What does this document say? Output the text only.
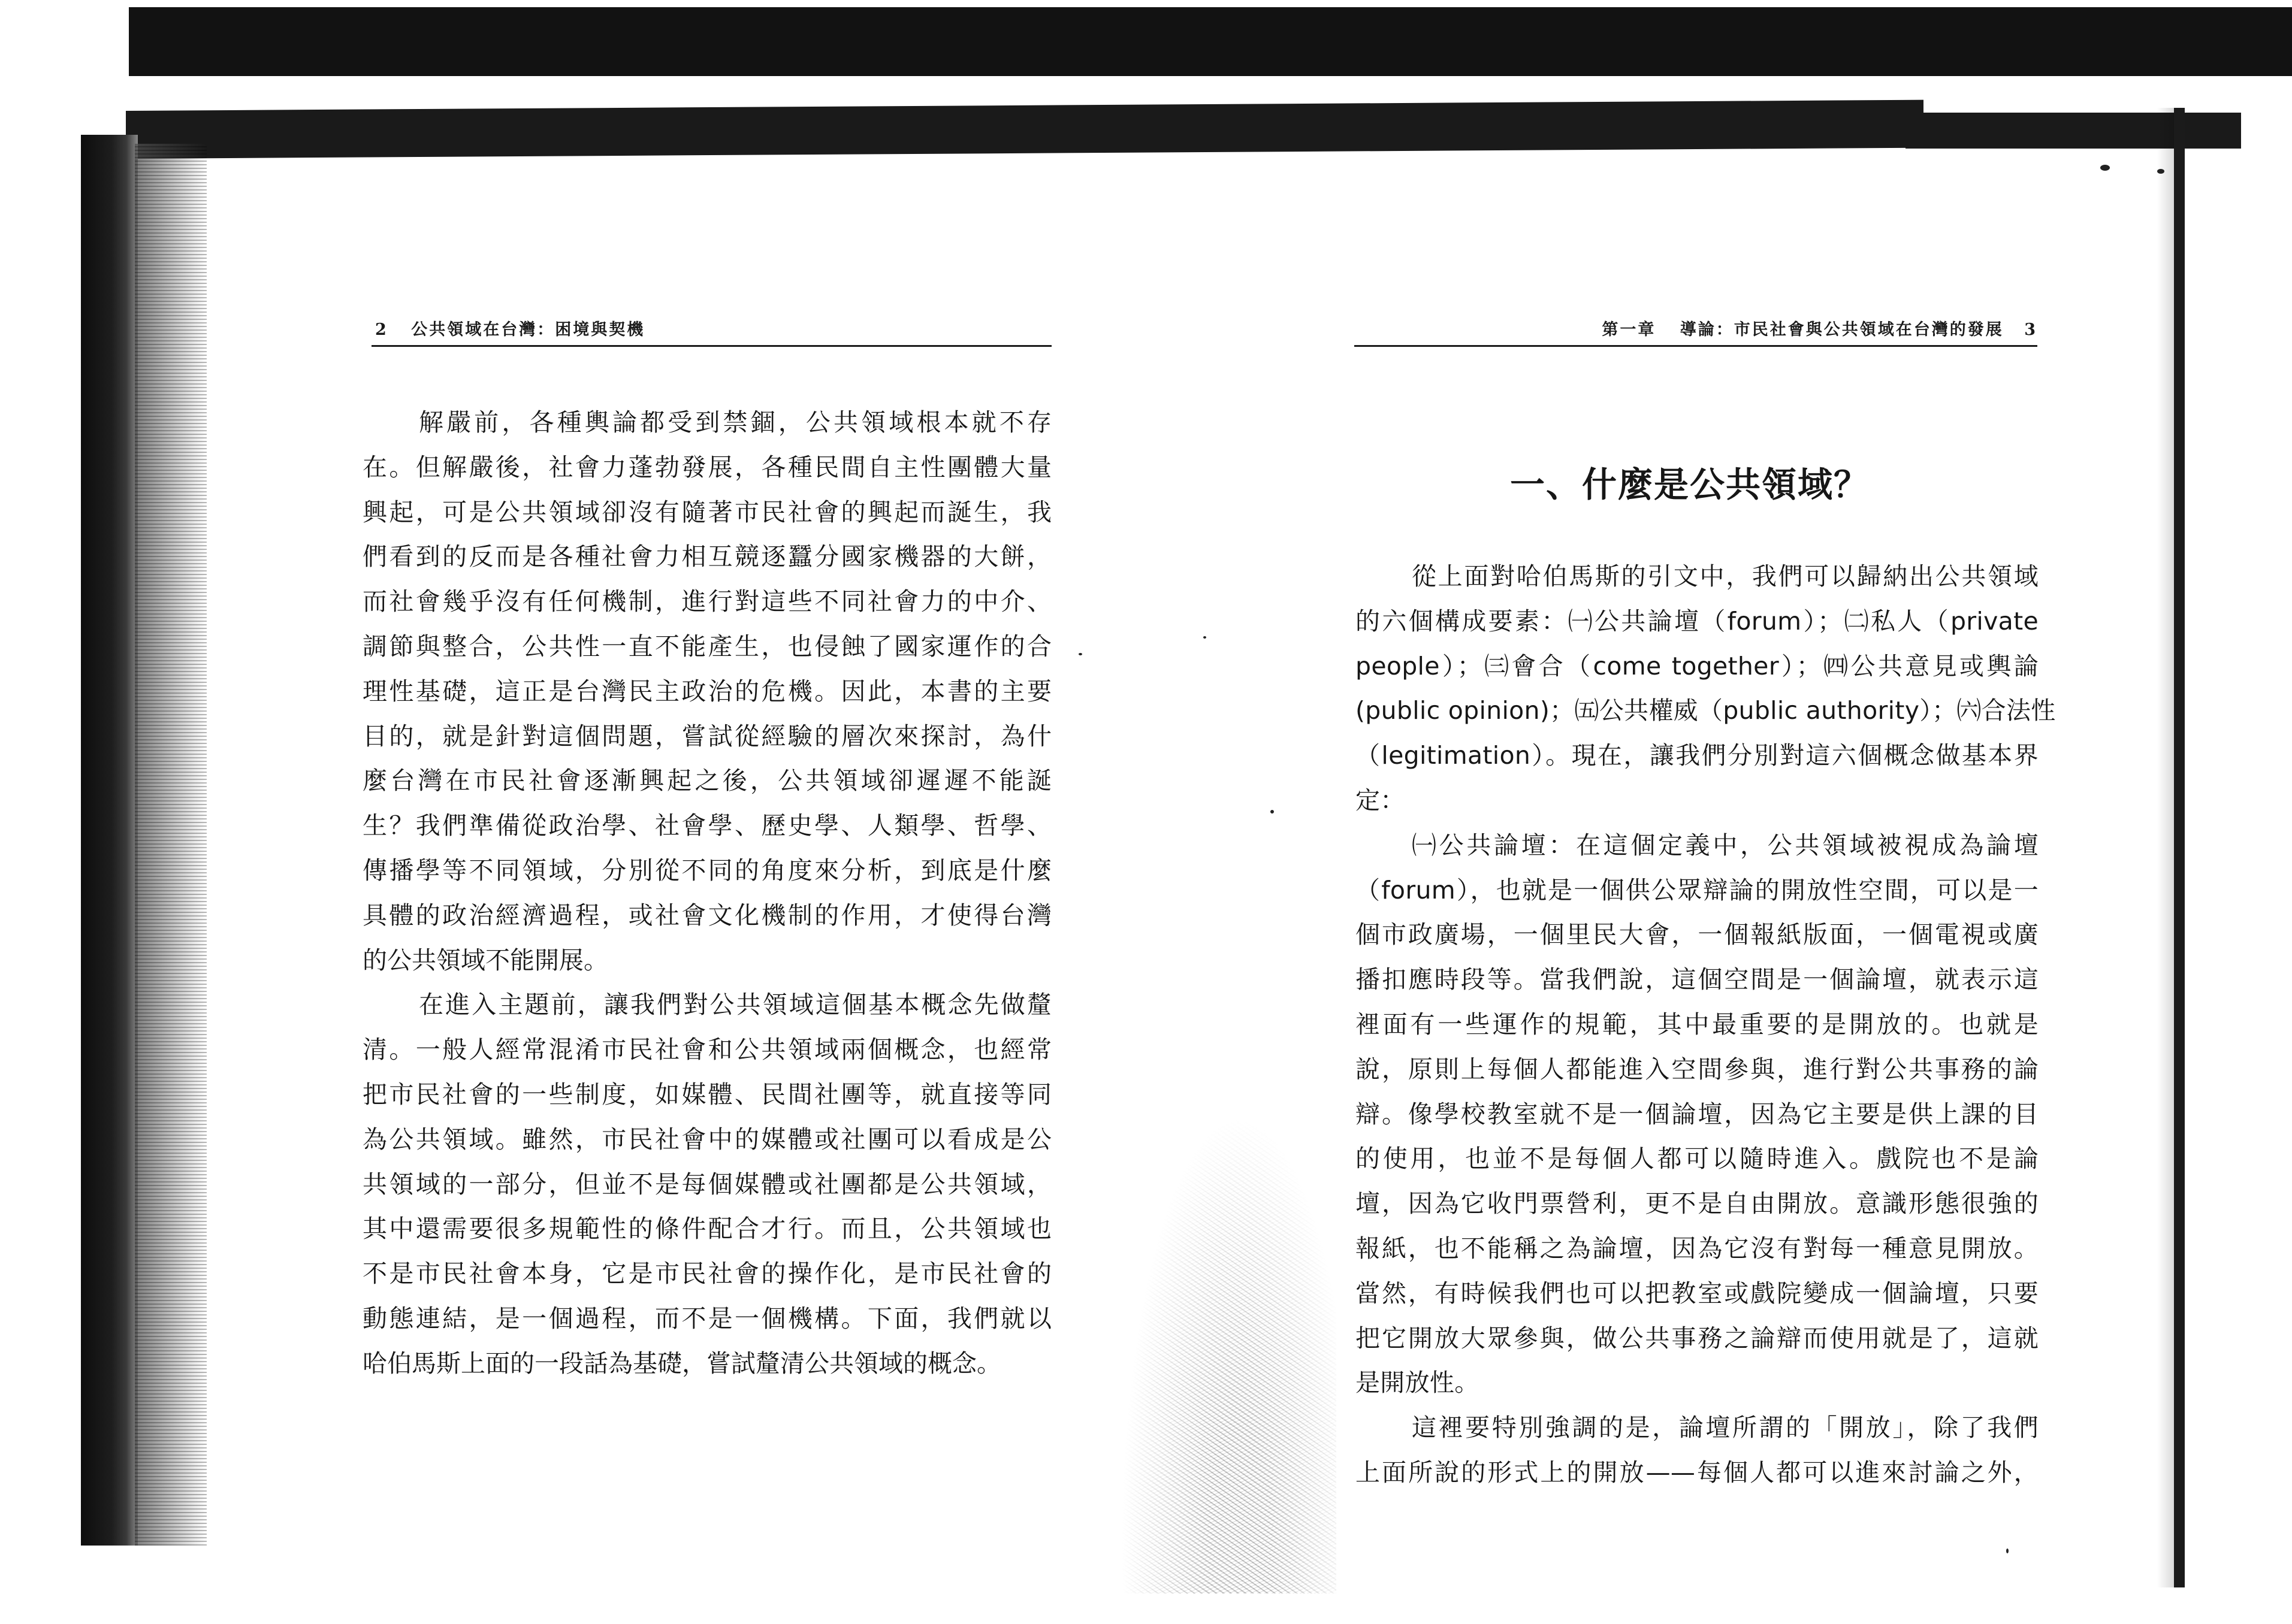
2 公共領域在台灣：困境與契機
解嚴前，各種輿論都受到禁錮，公共領域根本就不存
在。但解嚴後，社會力蓬勃發展，各種民間自主性團體大量
興起，可是公共領域卻沒有隨著市民社會的興起而誕生，我
們看到的反而是各種社會力相互競逐蠶分國家機器的大餅，
而社會幾乎沒有任何機制，進行對這些不同社會力的中介、
調節與整合，公共性一直不能產生，也侵蝕了國家運作的合
理性基礎，這正是台灣民主政治的危機。因此，本書的主要
目的，就是針對這個問題，嘗試從經驗的層次來探討，為什
麼台灣在市民社會逐漸興起之後，公共領域卻遲遲不能誕
生？我們準備從政治學、社會學、歷史學、人類學、哲學、
傳播學等不同領域，分別從不同的角度來分析，到底是什麼
具體的政治經濟過程，或社會文化機制的作用，才使得台灣
的公共領域不能開展。
在進入主題前，讓我們對公共領域這個基本概念先做釐
清。一般人經常混淆市民社會和公共領域兩個概念，也經常
把市民社會的一些制度，如媒體、民間社團等，就直接等同
為公共領域。雖然，市民社會中的媒體或社團可以看成是公
共領域的一部分，但並不是每個媒體或社團都是公共領域，
其中還需要很多規範性的條件配合才行。而且，公共領域也
不是市民社會本身，它是市民社會的操作化，是市民社會的
動態連結，是一個過程，而不是一個機構。下面，我們就以
哈伯馬斯上面的一段話為基礎，嘗試釐清公共領域的概念。
第一章 導論：市民社會與公共領域在台灣的發展 3
一、什麼是公共領域？
從上面對哈伯馬斯的引文中，我們可以歸納出公共領域
的六個構成要素：㈠公共論壇（forum）；㈡私人（private
people）；㈢會合（come together）；㈣公共意見或輿論
(public opinion)；㈤公共權威（public authority）；㈥合法性
（legitimation）。現在，讓我們分別對這六個概念做基本界
定：
㈠公共論壇：在這個定義中，公共領域被視成為論壇
（forum），也就是一個供公眾辯論的開放性空間，可以是一
個市政廣場，一個里民大會，一個報紙版面，一個電視或廣
播扣應時段等。當我們說，這個空間是一個論壇，就表示這
裡面有一些運作的規範，其中最重要的是開放的。也就是
說，原則上每個人都能進入空間參與，進行對公共事務的論
辯。像學校教室就不是一個論壇，因為它主要是供上課的目
的使用，也並不是每個人都可以隨時進入。戲院也不是論
壇，因為它收門票營利，更不是自由開放。意識形態很強的
報紙，也不能稱之為論壇，因為它沒有對每一種意見開放。
當然，有時候我們也可以把教室或戲院變成一個論壇，只要
把它開放大眾參與，做公共事務之論辯而使用就是了，這就
是開放性。
這裡要特別強調的是，論壇所謂的「開放」，除了我們
上面所說的形式上的開放——每個人都可以進來討論之外，
